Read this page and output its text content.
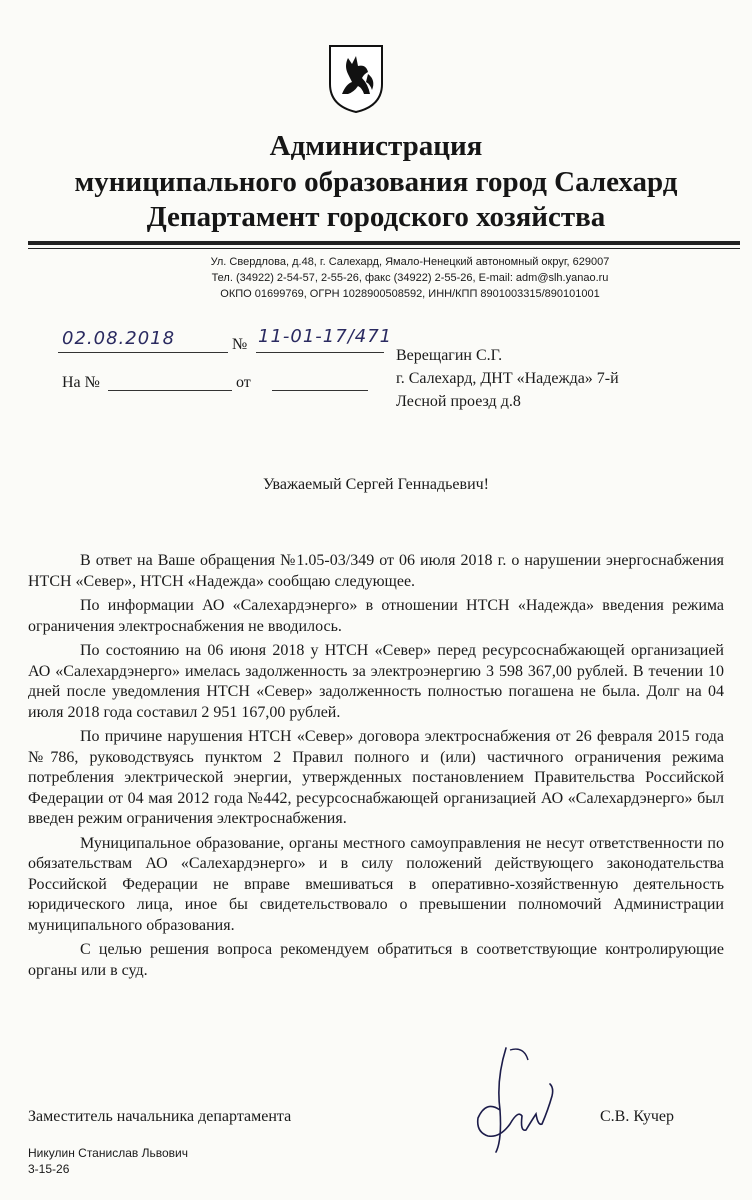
Администрация
муниципального образования город Салехард
Департамент городского хозяйства
Ул. Свердлова, д.48, г. Салехард, Ямало-Ненецкий автономный округ, 629007
Тел. (34922) 2-54-57, 2-55-26, факс (34922) 2-55-26, E-mail: adm@slh.yanao.ru
ОКПО 01699769, ОГРН 1028900508592, ИНН/КПП 8901003315/890101001
02.08.2018	№ 11-01-17/471
На №	от
Верещагин С.Г.
г. Салехард, ДНТ «Надежда» 7-й
Лесной проезд д.8
Уважаемый Сергей Геннадьевич!

В ответ на Ваше обращения №1.05-03/349 от 06 июля 2018 г. о нарушении энергоснабжения НТСН «Север», НТСН «Надежда» сообщаю следующее.

По информации АО «Салехардэнерго» в отношении НТСН «Надежда» введения режима ограничения электроснабжения не вводилось.

По состоянию на 06 июня 2018 у НТСН «Север» перед ресурсоснабжающей организацией АО «Салехардэнерго» имелась задолженность за электроэнергию 3 598 367,00 рублей. В течении 10 дней после уведомления НТСН «Север» задолженность полностью погашена не была. Долг на 04 июля 2018 года составил 2 951 167,00 рублей.

По причине нарушения НТСН «Север» договора электроснабжения от 26 февраля 2015 года №786, руководствуясь пунктом 2 Правил полного и (или) частичного ограничения режима потребления электрической энергии, утвержденных постановлением Правительства Российской Федерации от 04 мая 2012 года №442, ресурсоснабжающей организацией АО «Салехардэнерго» был введен режим ограничения электроснабжения.

Муниципальное образование, органы местного самоуправления не несут ответственности по обязательствам АО «Салехардэнерго» и в силу положений действующего законодательства Российской Федерации не вправе вмешиваться в оперативно-хозяйственную деятельность юридического лица, иное бы свидетельствовало о превышении полномочий Администрации муниципального образования.

С целью решения вопроса рекомендуем обратиться в соответствующие контролирующие органы или в суд.

Заместитель начальника департамента	С.В. Кучер
Никулин Станислав Львович
3-15-26
